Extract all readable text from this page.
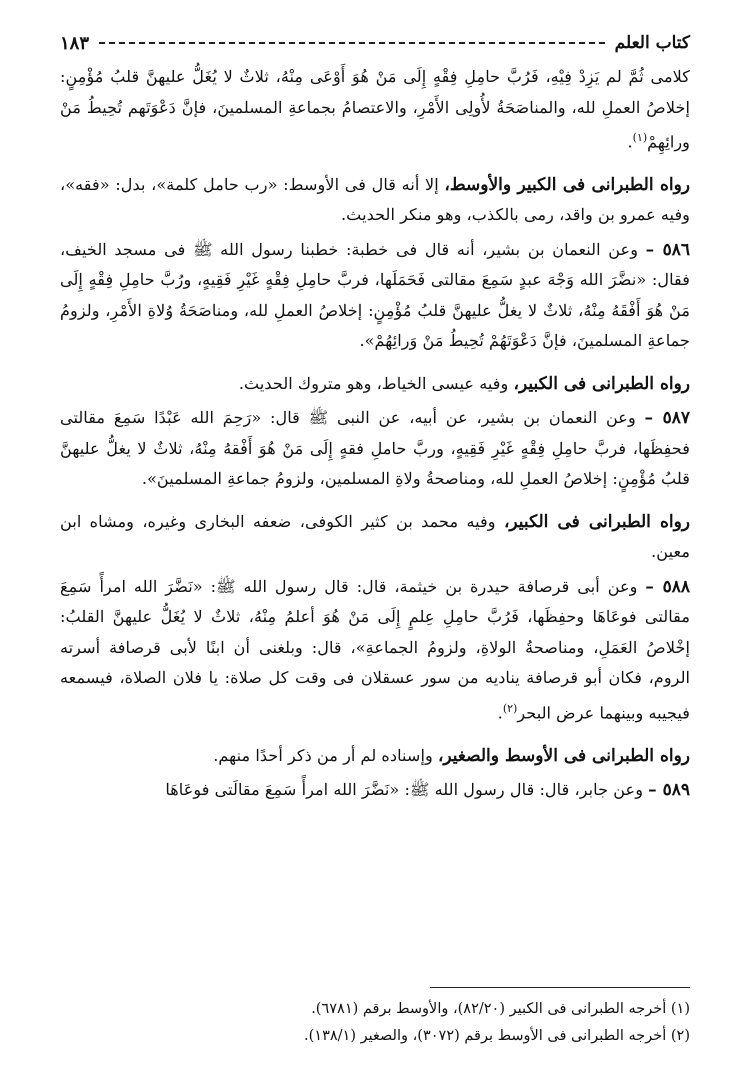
كتاب العلم
١٨٣

كلامى ثُمَّ لم يَزِدْ فِيْهِ، فَرُبَّ حامِلِ فِقْهٍ إِلَى مَنْ هُوَ أَوْعَى مِنْهُ، ثلاثٌ لا يُغَلُّ عليهنَّ قلبُ مُؤْمِنٍ: إخلاصُ العملِ لله، والمناصَحَةُ لأُولِى الأَمْرِ، والاعتصامُ بجماعةِ المسلمينَ، فإنَّ دَعْوَتَهم تُحِيطُ مَنْ ورائِهِمْ$^{(١)}$.

رواه الطبرانى فى الكبير والأوسط، إلا أنه قال فى الأوسط: «رب حامل كلمة»، بدل: «فقه»، وفيه عمرو بن واقد، رمى بالكذب، وهو منكر الحديث.

٥٨٦ – وعن النعمان بن بشير، أنه قال فى خطبة: خطبنا رسول الله ﷺ فى مسجد الخيف، فقال: «نضَّرَ الله وَجْهَ عبدٍ سَمِعَ مقالتى فَحَمَلَها، فربَّ حامِلِ فِقْهٍ غَيْرِ فَقِيهٍ، ورُبَّ حامِلِ فِقْهٍ إِلَى مَنْ هُوَ أَفْقَهُ مِنْهُ، ثلاثٌ لا يغلُّ عليهنَّ قلبُ مُؤْمِنٍ: إخلاصُ العملِ لله، ومناصَحَةُ وُلاةِ الأَمْرِ، ولزومُ جماعةِ المسلمينَ، فإنَّ دَعْوَتَهُمْ تُحِيطُ مَنْ وَرائِهُمْ».

رواه الطبرانى فى الكبير، وفيه عيسى الخياط، وهو متروك الحديث.

٥٨٧ – وعن النعمان بن بشير، عن أبيه، عن النبى ﷺ قال: «رَحِمَ الله عَبْدًا سَمِعَ مقالتى فحفِظَها، فربَّ حامِلِ فِقْهٍ غَيْرِ فَقِيهٍ، وربَّ حاملِ فقهٍ إِلَى مَنْ هُوَ أَفْقهُ مِنْهُ، ثلاثٌ لا يغلُّ عليهنَّ قلبُ مُؤْمِنٍ: إخلاصُ العملِ لله، ومناصحةُ ولاةِ المسلمين، ولزومُ جماعةِ المسلمينَ».

رواه الطبرانى فى الكبير، وفيه محمد بن كثير الكوفى، ضعفه البخارى وغيره، ومشاه ابن معين.

٥٨٨ – وعن أبى قرصافة حيدرة بن خيثمة، قال: قال رسول الله ﷺ: «نَضَّرَ الله امرأً سَمِعَ مقالتى فوعَاهَا وحفِظَها، فَرُبَّ حامِلِ عِلمٍ إِلَى مَنْ هُوَ أعلمُ مِنْهُ، ثلاثٌ لا يُغَلُّ عليهنَّ القلبُ: إخْلاصُ العَمَلِ، ومناصحةُ الولاةِ، ولزومُ الجماعةِ»، قال: وبلغنى أن ابنًا لأبى قرصافة أسرته الروم، فكان أبو قرصافة يناديه من سور عسقلان فى وقت كل صلاة: يا فلان الصلاة، فيسمعه فيجيبه وبينهما عرض البحر$^{(٢)}$.

رواه الطبرانى فى الأوسط والصغير، وإسناده لم أر من ذكر أحدًا منهم.

٥٨٩ – وعن جابر، قال: قال رسول الله ﷺ: «نَضَّرَ الله امرأً سَمِعَ مقالَتى فوعَاهَا

(١) أخرجه الطبرانى فى الكبير (٨٢/٢٠)، والأوسط برقم (٦٧٨١).
(٢) أخرجه الطبرانى فى الأوسط برقم (٣٠٧٢)، والصغير (١٣٨/١).
